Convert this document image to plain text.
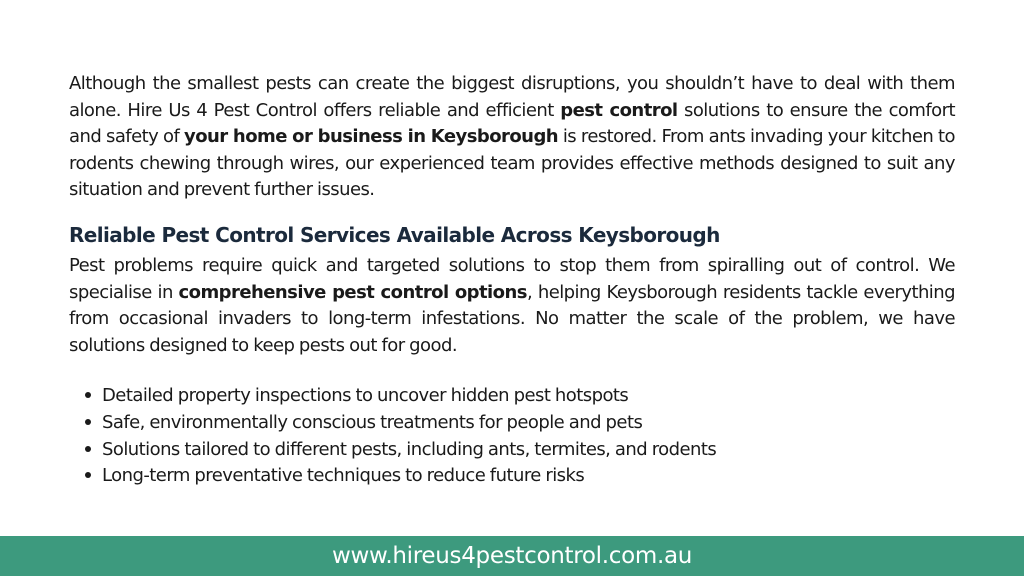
Although the smallest pests can create the biggest disruptions, you shouldn’t have to deal with them alone. Hire Us 4 Pest Control offers reliable and efficient pest control solutions to ensure the comfort and safety of your home or business in Keysborough is restored. From ants invading your kitchen to rodents chewing through wires, our experienced team provides effective methods designed to suit any situation and prevent further issues.

Reliable Pest Control Services Available Across Keysborough

Pest problems require quick and targeted solutions to stop them from spiralling out of control. We specialise in comprehensive pest control options, helping Keysborough residents tackle everything from occasional invaders to long-term infestations. No matter the scale of the problem, we have solutions designed to keep pests out for good.

Detailed property inspections to uncover hidden pest hotspots
Safe, environmentally conscious treatments for people and pets
Solutions tailored to different pests, including ants, termites, and rodents
Long-term preventative techniques to reduce future risks
www.hireus4pestcontrol.com.au
